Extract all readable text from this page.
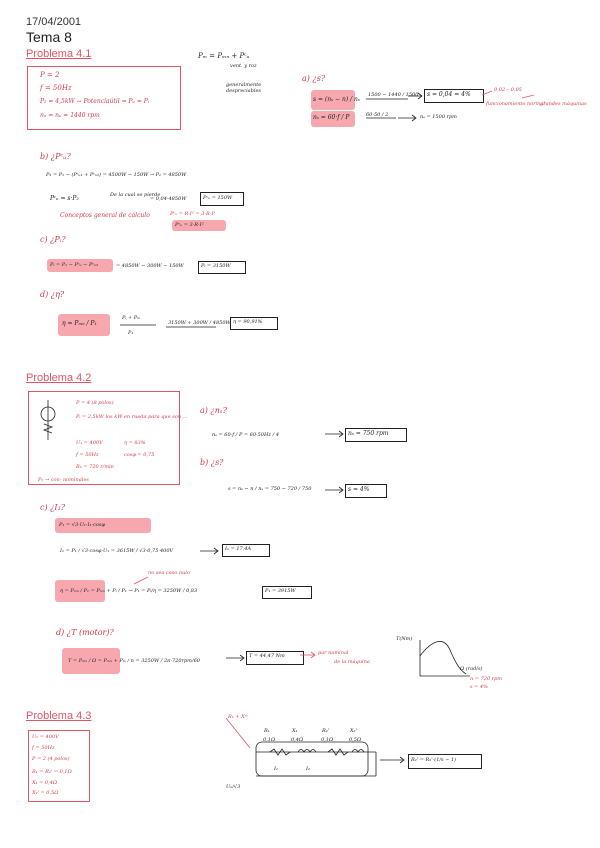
17/04/2001
Tema 8
Problema 4.1
P = 2
f = 50Hz
P₂ = 4,5kW → Potenciaútil = Pᵤ = Pᵢ
nₙ = nᵤ = 1440 rpm
Pₘ = Pₘₙ + Pᶜᵤ
vent. y roz
generalmente despreciables
a) ¿s?
s = (nₛ − n) / nₛ
1500 − 1440 / 1500 s = 0,04 = 4%
0,02 – 0,05
funcionamiento normal
grandes máquinas
nₛ = 60·f / P	60·50 / 2	nₛ = 1500 rpm
b) ¿Pᶜᵤ?
P₂ = P₁ − (Pᶜᵤ₁ + Pᶜᵤ₂) = 4500W − 150W → P₁ = 4850W
Pᶜᵤ = s·P₂	De la cual se pierde
= 0,04·4850W	Pᶜᵤ = 150W
Conceptos general de cálculo	Pᶜᵤ = R·I² = 3·R·I²
Pᶜᵤ = 3·R·I²
c) ¿Pᵢ?
Pᵢ = P₁ − Pᶜᵤ − Pᶜᵤ₂	= 4850W − 300W − 150W	Pᵢ = 3150W
d) ¿η?
η = Pₘₙ / P₁
Pᵢ + Pₘ
P₁
3150W + 300W / 4850W η = 90,91%
Problema 4.2
P = 4 (8 polos)
Pᵢ = 2,5kW los kW en rueda para que son ...
U₁ = 400V	η = 83%
f = 50Hz	cosφ = 0,75
R₂ = 720 r/min
P₂ → con· nominales
a) ¿nₛ?
nₛ = 60·f / P = 60·50Hz / 4	nₛ = 750 rpm
b) ¿s?
s = nₛ − n / nₛ = 750 − 720 / 750	s = 4%
c) ¿I₁?
P₁ = √3·U₁·I₁·cosφ
I₁ = P₁ / √3·cosφ·U₁ = 3615W / √3·0,75·400V	I₁ = 17,4A
no sea caso nulo
η = Pₘₙ / P₁ = Pₘₙ + Pᵢ / P₁ → P₁ = Pᵢ/η = 3250W / 0,83	P₁ = 3915W
d) ¿T (motor)?
T = Pₘₙ / Ω = Pₘₙ + Pₘ / n = 3250W / 2π·720rpm/60
T = 44,47 Nm	par nominal
de la máquina
T(Nm)
Ω (rad/s)
n = 720 rpm
s = 4%
Problema 4.3
Uₙ = 400V
f = 50Hz
P = 2 (4 polos)
R₁ = R₂' = 0,1Ω
X₁ = 0,4Ω
X₂' = 0,5Ω
R₁ + Xᶜᶜ
R₁	X₁	R₂'	X₂'
0,1Ω	0,4Ω	0,1Ω	0,5Ω
I₁	I₂
Uₙ/√3
R₂' = R₂'·(1/s − 1)
